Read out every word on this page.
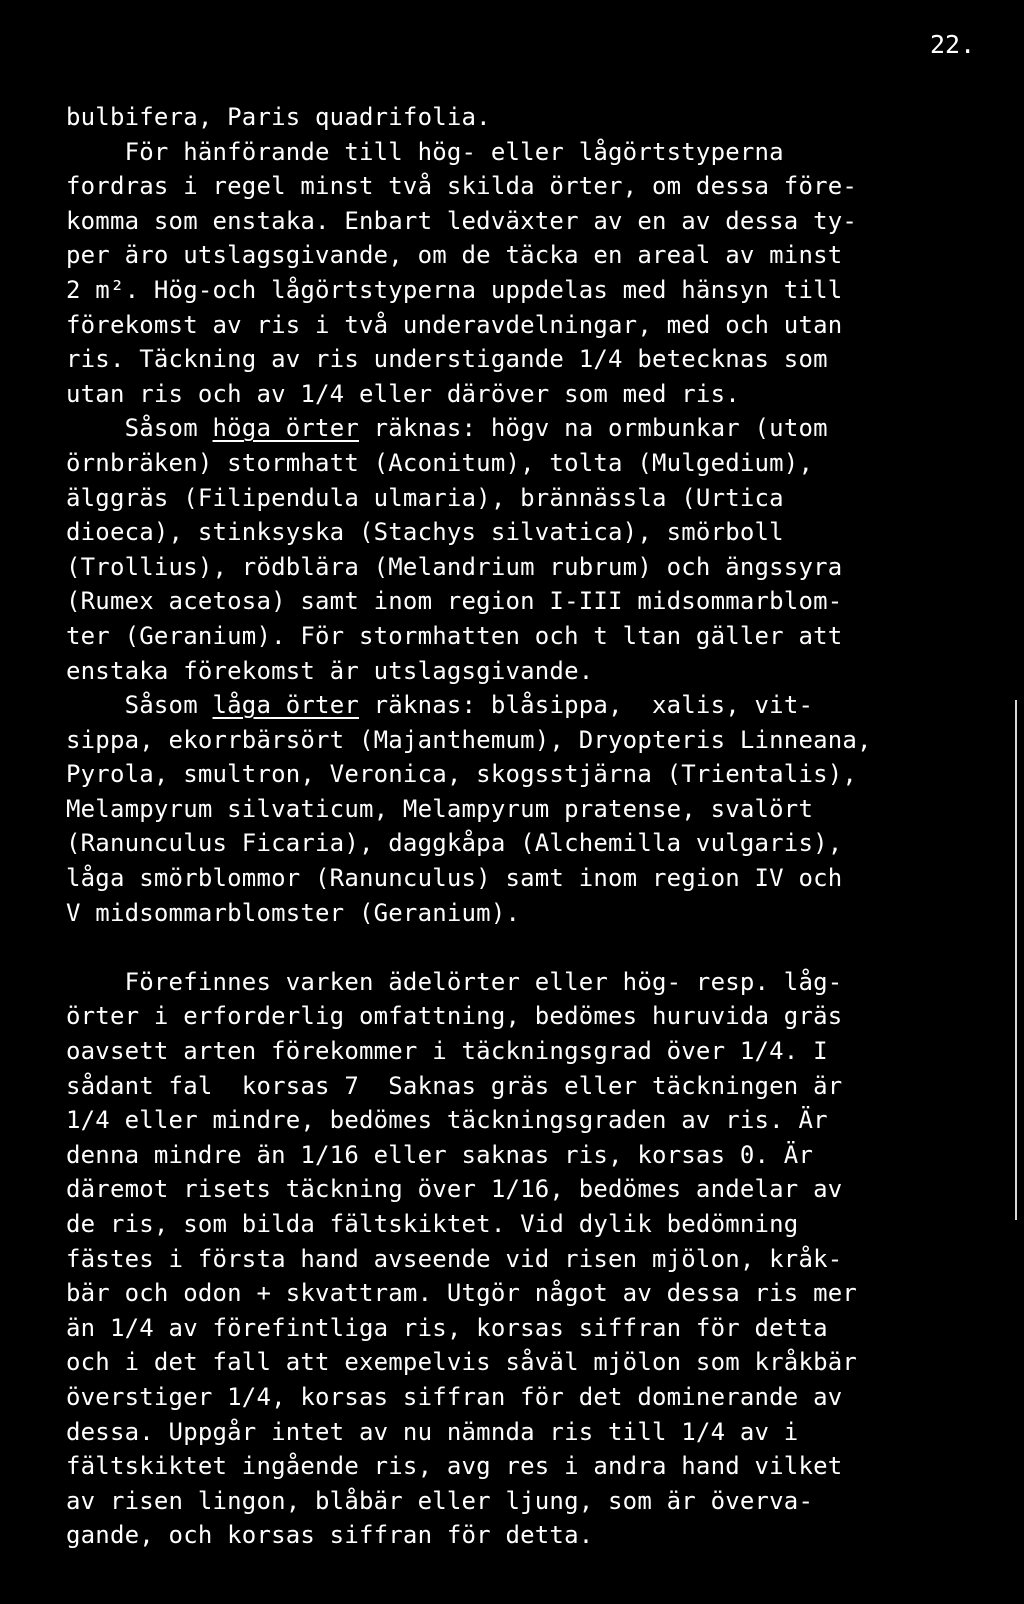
22.
bulbifera, Paris quadrifolia.
För hänförande till hög- eller lågörtstyperna
fordras i regel minst två skilda örter, om dessa före-
komma som enstaka. Enbart ledväxter av en av dessa ty-
per äro utslagsgivande, om de täcka en areal av minst
2 m². Hög-och lågörtstyperna uppdelas med hänsyn till
förekomst av ris i två underavdelningar, med och utan
ris. Täckning av ris understigande 1/4 betecknas som
utan ris och av 1/4 eller däröver som med ris.
Såsom höga örter räknas: högv na ormbunkar (utom
örnbräken) stormhatt (Aconitum), tolta (Mulgedium),
älggräs (Filipendula ulmaria), brännässla (Urtica
dioeca), stinksyska (Stachys silvatica), smörboll
(Trollius), rödblära (Melandrium rubrum) och ängssyra
(Rumex acetosa) samt inom region I-III midsommarblom-
ter (Geranium). För stormhatten och t ltan gäller att
enstaka förekomst är utslagsgivande.
Såsom låga örter räknas: blåsippa,  xalis, vit-
sippa, ekorrbärsört (Majanthemum), Dryopteris Linneana,
Pyrola, smultron, Veronica, skogsstjärna (Trientalis),
Melampyrum silvaticum, Melampyrum pratense, svalört
(Ranunculus Ficaria), daggkåpa (Alchemilla vulgaris),
låga smörblommor (Ranunculus) samt inom region IV och
V midsommarblomster (Geranium).
Förefinnes varken ädelörter eller hög- resp. låg-
örter i erforderlig omfattning, bedömes huruvida gräs
oavsett arten förekommer i täckningsgrad över 1/4. I
sådant fal  korsas 7  Saknas gräs eller täckningen är
1/4 eller mindre, bedömes täckningsgraden av ris. Är
denna mindre än 1/16 eller saknas ris, korsas 0. Är
däremot risets täckning över 1/16, bedömes andelar av
de ris, som bilda fältskiktet. Vid dylik bedömning
fästes i första hand avseende vid risen mjölon, kråk-
bär och odon + skvattram. Utgör något av dessa ris mer
än 1/4 av förefintliga ris, korsas siffran för detta
och i det fall att exempelvis såväl mjölon som kråkbär
överstiger 1/4, korsas siffran för det dominerande av
dessa. Uppgår intet av nu nämnda ris till 1/4 av i
fältskiktet ingående ris, avg res i andra hand vilket
av risen lingon, blåbär eller ljung, som är överva-
gande, och korsas siffran för detta.
